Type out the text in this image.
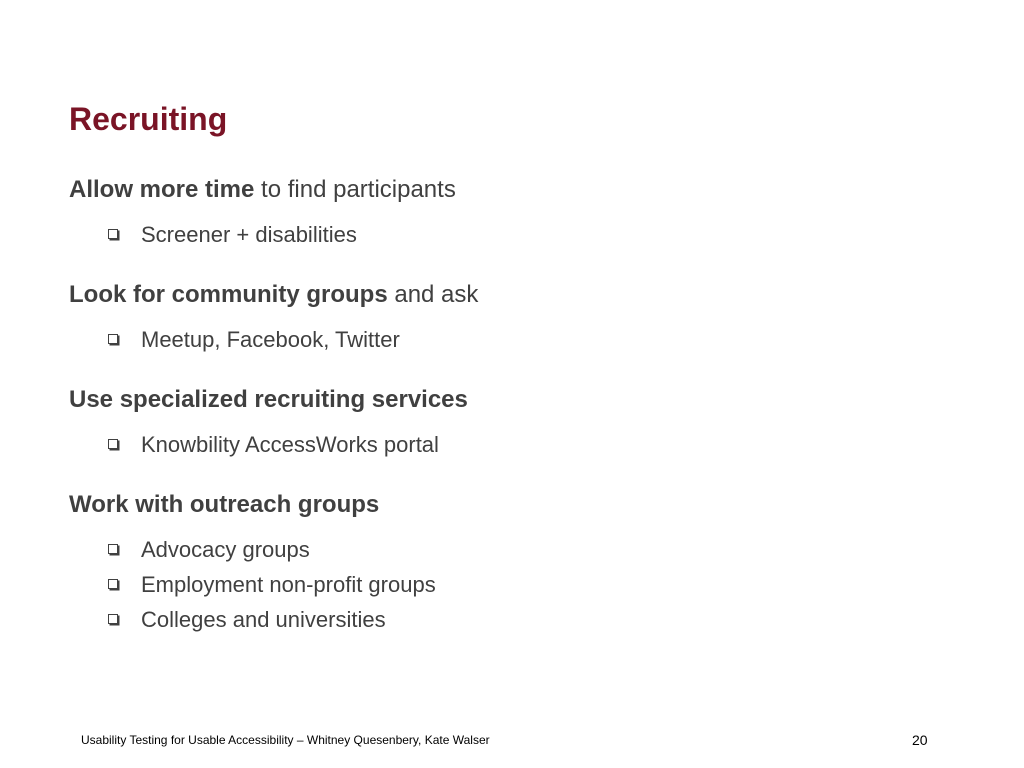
Recruiting

Allow more time to find participants

Screener + disabilities

Look for community groups and ask

Meetup, Facebook, Twitter

Use specialized recruiting services

Knowbility AccessWorks portal

Work with outreach groups

Advocacy groups

Employment non-profit groups

Colleges and universities

Usability Testing for Usable Accessibility – Whitney Quesenbery, Kate Walser	20
